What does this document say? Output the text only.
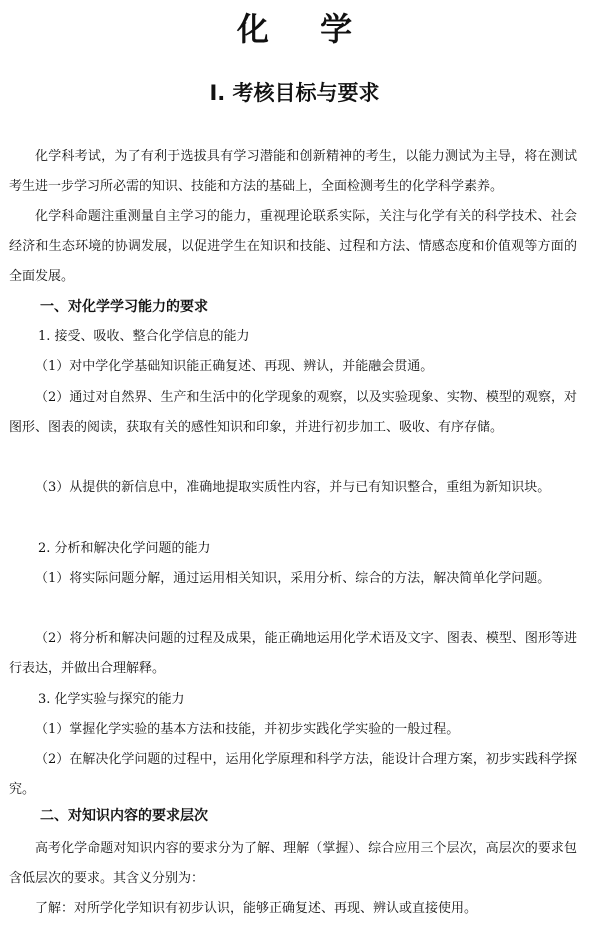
化 学
Ⅰ. 考核目标与要求

化学科考试，为了有利于选拔具有学习潜能和创新精神的考生，以能力测试为主导，将在测试考生进一步学习所必需的知识、技能和方法的基础上，全面检测考生的化学科学素养。

化学科命题注重测量自主学习的能力，重视理论联系实际，关注与化学有关的科学技术、社会经济和生态环境的协调发展，以促进学生在知识和技能、过程和方法、情感态度和价值观等方面的全面发展。

一、对化学学习能力的要求

1. 接受、吸收、整合化学信息的能力

（1）对中学化学基础知识能正确复述、再现、辨认，并能融会贯通。

（2）通过对自然界、生产和生活中的化学现象的观察，以及实验现象、实物、模型的观察，对图形、图表的阅读，获取有关的感性知识和印象，并进行初步加工、吸收、有序存储。

（3）从提供的新信息中，准确地提取实质性内容，并与已有知识整合，重组为新知识块。

2. 分析和解决化学问题的能力

（1）将实际问题分解，通过运用相关知识，采用分析、综合的方法，解决简单化学问题。

（2）将分析和解决问题的过程及成果，能正确地运用化学术语及文字、图表、模型、图形等进行表达，并做出合理解释。

3. 化学实验与探究的能力

（1）掌握化学实验的基本方法和技能，并初步实践化学实验的一般过程。

（2）在解决化学问题的过程中，运用化学原理和科学方法，能设计合理方案，初步实践科学探究。

二、对知识内容的要求层次

高考化学命题对知识内容的要求分为了解、理解（掌握）、综合应用三个层次，高层次的要求包含低层次的要求。其含义分别为：

了解：对所学化学知识有初步认识，能够正确复述、再现、辨认或直接使用。
